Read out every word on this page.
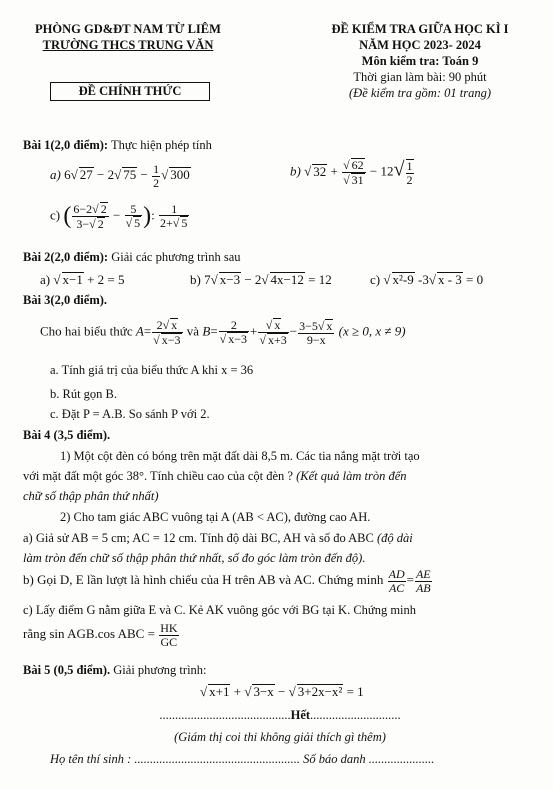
PHÒNG GD&ĐT NAM TỪ LIÊM
TRƯỜNG THCS TRUNG VĂN
ĐỀ CHÍNH THỨC
ĐỀ KIỂM TRA GIỮA HỌC KÌ I
NĂM HỌC 2023- 2024
Môn kiểm tra: Toán 9
Thời gian làm bài: 90 phút
(Đề kiểm tra gồm: 01 trang)
Bài 1(2,0 điểm): Thực hiện phép tính
a) 6√ 27 − 2√ $75 - \frac{1}{2}$ √ 300	b) √ $32 + \frac{√ 62}{√ 31} - 12√ \frac{1}{2}$
c) ( $\frac{6-2√ 2}{3-√ 2} - \frac{5}{√ 5}$ ): $\frac{1}{2+√ 5}$
Bài 2(2,0 điểm): Giải các phương trình sau
a) √ x−1 + 2 = 5	b) 7√ x−3 − 2√ 4x−12 = 12	c) √ x²-9 -3√ x - 3 = 0
Bài 3(2,0 điểm).
Cho hai biểu thức $A= \frac{2√ x}{√ x-3}$ và $B= \frac{2}{√ x-3} + \frac{√ x}{√ x+3} - \frac{3-5√ x}{9-x} (x \ge 0$, x ≠ 9)
a. Tính giá trị của biểu thức A khi x = 36
b. Rút gọn B.
c. Đặt P = A.B. So sánh P với 2.
Bài 4 (3,5 điểm).
1) Một cột đèn có bóng trên mặt đất dài 8,5 m. Các tia nắng mặt trời tạo
với mặt đất một góc 38°. Tính chiều cao của cột đèn ? (Kết quả làm tròn đến
chữ số thập phân thứ nhất)
2) Cho tam giác ABC vuông tại A (AB < AC), đường cao AH.
a) Giả sử AB = 5 cm; AC = 12 cm. Tính độ dài BC, AH và số đo ABC (độ dài
làm tròn đến chữ số thập phân thứ nhất, số đo góc làm tròn đến độ).
b) Gọi D, E lần lượt là hình chiếu của H trên AB và AC. Chứng minh $\frac{AD}{AC} = \frac{AE}{AB}$
c) Lấy điểm G nằm giữa E và C. Kẻ AK vuông góc với BG tại K. Chứng minh
rằng sin AGB.cos ABC = $\frac{HK}{GC}$
Bài 5 (0,5 điểm). Giải phương trình:
√ x+1 + √ 3−x − √ 3+2x−x² = 1
..........................................Hết.............................
(Giám thị coi thi không giải thích gì thêm)
Họ tên thí sinh : ..................................................... Số báo danh .....................
